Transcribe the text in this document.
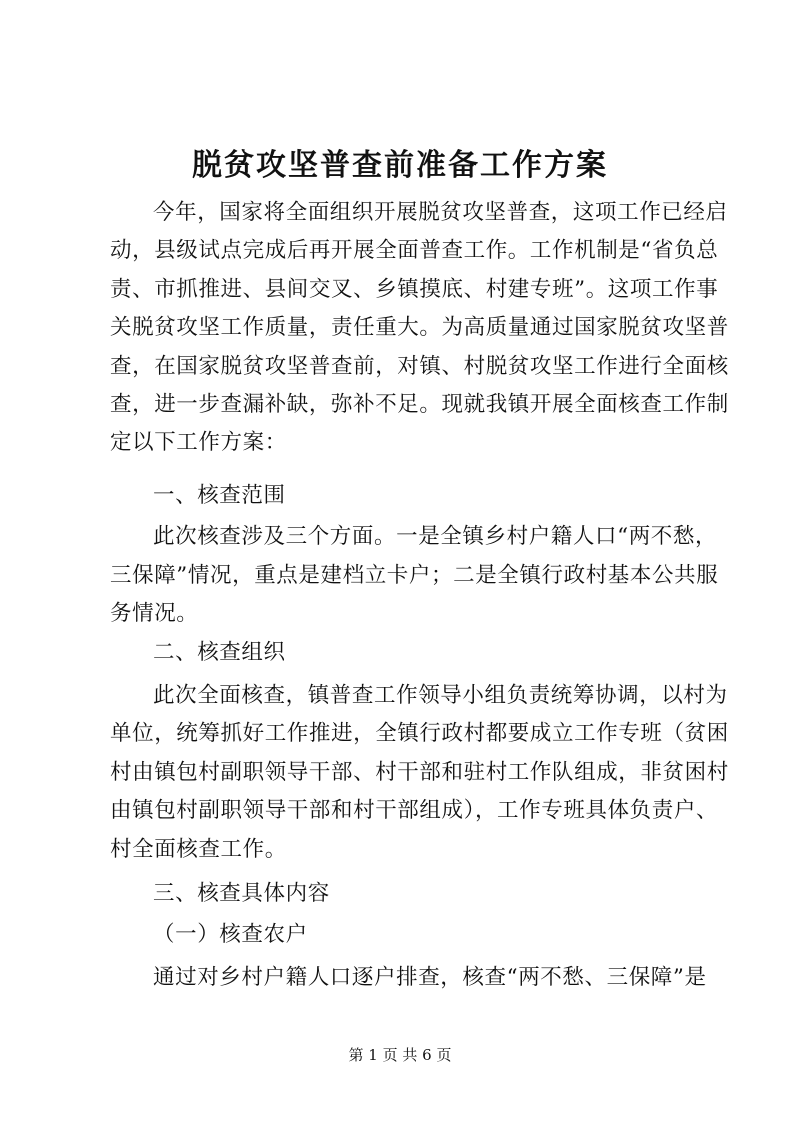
脱贫攻坚普查前准备工作方案
今年，国家将全面组织开展脱贫攻坚普查，这项工作已经启
动，县级试点完成后再开展全面普查工作。工作机制是“省负总
责、市抓推进、县间交叉、乡镇摸底、村建专班”。这项工作事
关脱贫攻坚工作质量，责任重大。为高质量通过国家脱贫攻坚普
查，在国家脱贫攻坚普查前，对镇、村脱贫攻坚工作进行全面核
查，进一步查漏补缺，弥补不足。现就我镇开展全面核查工作制
定以下工作方案：
一、核查范围
此次核查涉及三个方面。一是全镇乡村户籍人口“两不愁，
三保障”情况，重点是建档立卡户；二是全镇行政村基本公共服
务情况。
二、核查组织
此次全面核查，镇普查工作领导小组负责统筹协调，以村为
单位，统筹抓好工作推进，全镇行政村都要成立工作专班（贫困
村由镇包村副职领导干部、村干部和驻村工作队组成，非贫困村
由镇包村副职领导干部和村干部组成），工作专班具体负责户、
村全面核查工作。
三、核查具体内容
（一）核查农户
通过对乡村户籍人口逐户排查，核查“两不愁、三保障”是
第 1 页 共 6 页
